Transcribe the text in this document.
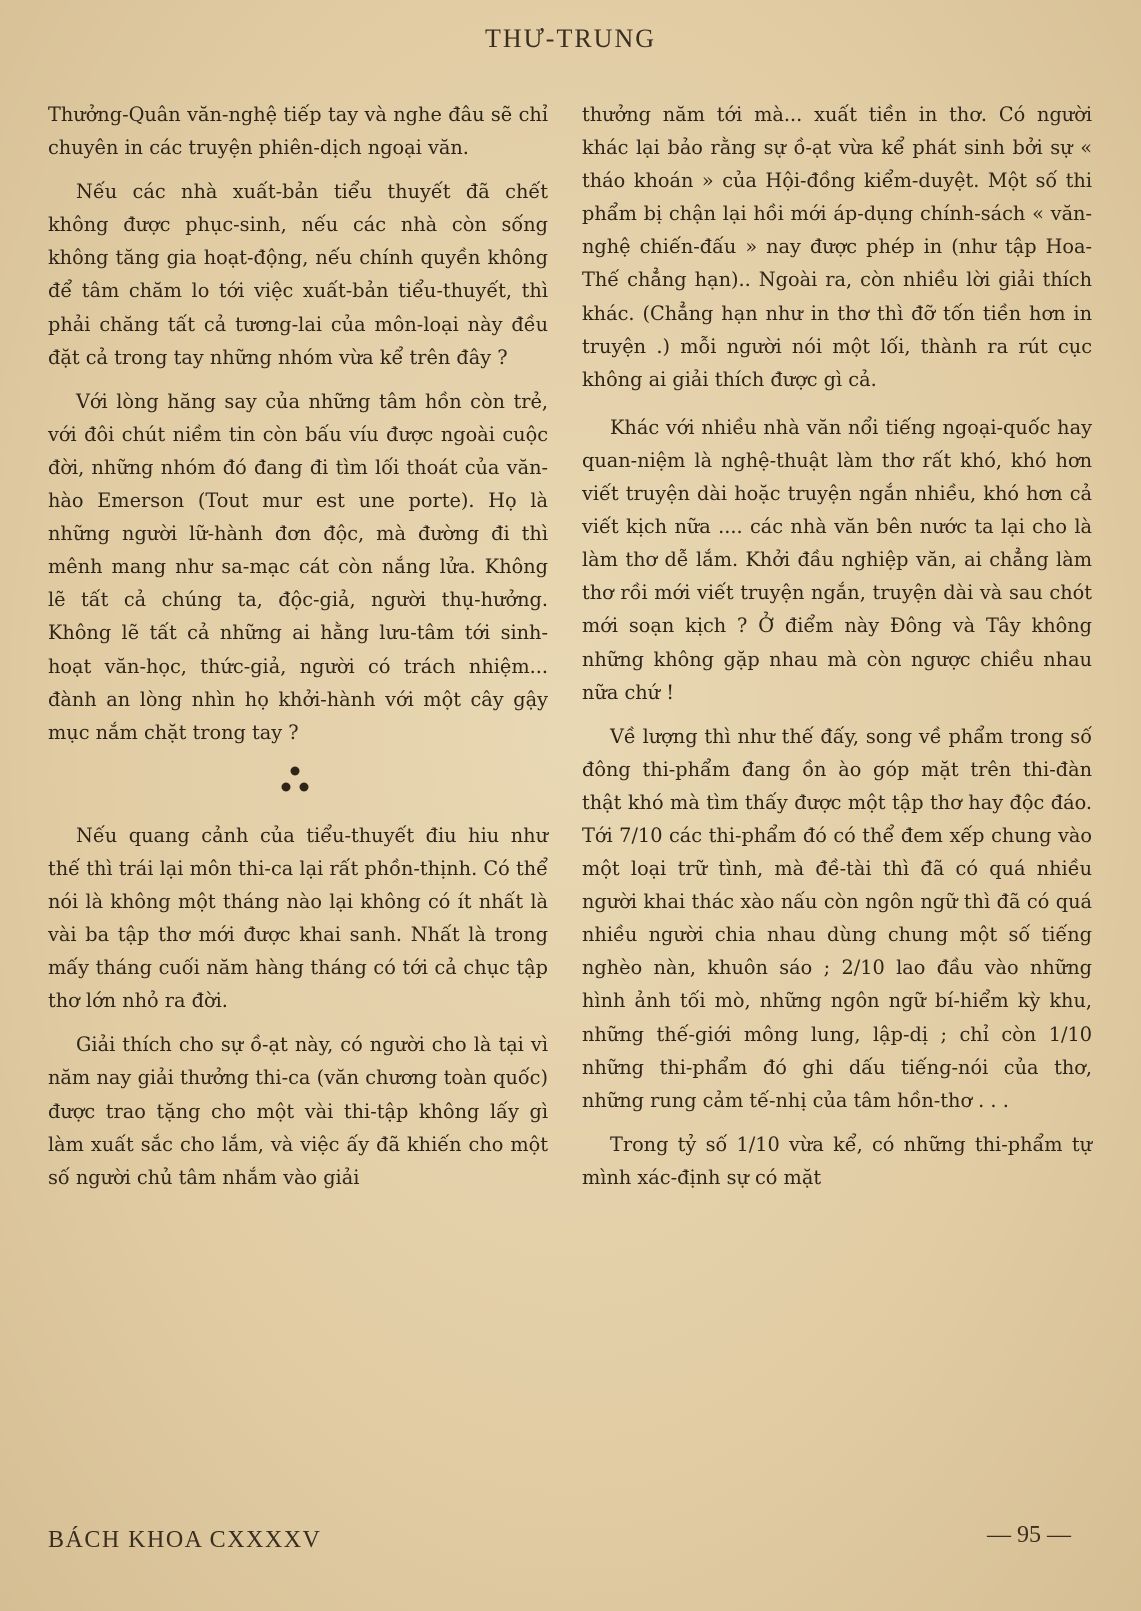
THƯ-TRUNG

Thưởng-Quân văn-nghệ tiếp tay và nghe đâu sẽ chỉ chuyên in các truyện phiên-dịch ngoại văn.

Nếu các nhà xuất-bản tiểu thuyết đã chết không được phục-sinh, nếu các nhà còn sống không tăng gia hoạt-động, nếu chính quyền không để tâm chăm lo tới việc xuất-bản tiểu-thuyết, thì phải chăng tất cả tương-lai của môn-loại này đều đặt cả trong tay những nhóm vừa kể trên đây ?

Với lòng hăng say của những tâm hồn còn trẻ, với đôi chút niềm tin còn bấu víu được ngoài cuộc đời, những nhóm đó đang đi tìm lối thoát của văn-hào Emerson (Tout mur est une porte). Họ là những người lữ-hành đơn độc, mà đường đi thì mênh mang như sa-mạc cát còn nắng lửa. Không lẽ tất cả chúng ta, độc-giả, người thụ-hưởng. Không lẽ tất cả những ai hằng lưu-tâm tới sinh-hoạt văn-học, thức-giả, người có trách nhiệm... đành an lòng nhìn họ khởi-hành với một cây gậy mục nắm chặt trong tay ?

Nếu quang cảnh của tiểu-thuyết điu hiu như thế thì trái lại môn thi-ca lại rất phồn-thịnh. Có thể nói là không một tháng nào lại không có ít nhất là vài ba tập thơ mới được khai sanh. Nhất là trong mấy tháng cuối năm hàng tháng có tới cả chục tập thơ lớn nhỏ ra đời.

Giải thích cho sự ồ-ạt này, có người cho là tại vì năm nay giải thưởng thi-ca (văn chương toàn quốc) được trao tặng cho một vài thi-tập không lấy gì làm xuất sắc cho lắm, và việc ấy đã khiến cho một số người chủ tâm nhắm vào giải

thưởng năm tới mà... xuất tiền in thơ. Có người khác lại bảo rằng sự ồ-ạt vừa kể phát sinh bởi sự « tháo khoán » của Hội-đồng kiểm-duyệt. Một số thi phẩm bị chận lại hồi mới áp-dụng chính-sách « văn-nghệ chiến-đấu » nay được phép in (như tập Hoa-Thế chẳng hạn).. Ngoài ra, còn nhiều lời giải thích khác. (Chẳng hạn như in thơ thì đỡ tốn tiền hơn in truyện .) mỗi người nói một lối, thành ra rút cục không ai giải thích được gì cả.

Khác với nhiều nhà văn nổi tiếng ngoại-quốc hay quan-niệm là nghệ-thuật làm thơ rất khó, khó hơn viết truyện dài hoặc truyện ngắn nhiều, khó hơn cả viết kịch nữa .... các nhà văn bên nước ta lại cho là làm thơ dễ lắm. Khởi đầu nghiệp văn, ai chẳng làm thơ rồi mới viết truyện ngắn, truyện dài và sau chót mới soạn kịch ? Ở điểm này Đông và Tây không những không gặp nhau mà còn ngược chiều nhau nữa chứ !

Về lượng thì như thế đấy, song về phẩm trong số đông thi-phẩm đang ồn ào góp mặt trên thi-đàn thật khó mà tìm thấy được một tập thơ hay độc đáo. Tới 7/10 các thi-phẩm đó có thể đem xếp chung vào một loại trữ tình, mà đề-tài thì đã có quá nhiều người khai thác xào nấu còn ngôn ngữ thì đã có quá nhiều người chia nhau dùng chung một số tiếng nghèo nàn, khuôn sáo ; 2/10 lao đầu vào những hình ảnh tối mò, những ngôn ngữ bí-hiểm kỳ khu, những thế-giới mông lung, lập-dị ; chỉ còn 1/10 những thi-phẩm đó ghi dấu tiếng-nói của thơ, những rung cảm tế-nhị của tâm hồn-thơ . . .

Trong tỷ số 1/10 vừa kể, có những thi-phẩm tự mình xác-định sự có mặt

BÁCH KHOA CXXXXV	— 95 —
